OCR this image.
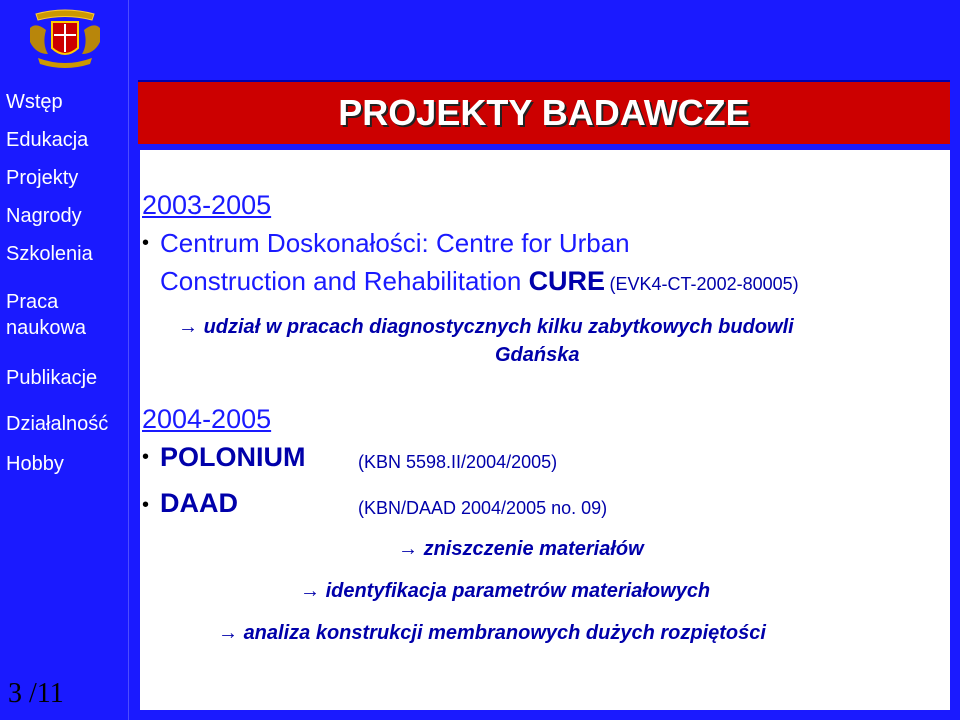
Wstęp
Edukacja
Projekty
Nagrody
Szkolenia
Praca
naukowa
Publikacje
Działalność
Hobby
3 /11
PROJEKTY BADAWCZE
2003-2005
• Centrum Doskonałości: Centre for Urban
Construction and Rehabilitation CURE (EVK4-CT-2002-80005)
→ udział w pracach diagnostycznych kilku zabytkowych budowli
Gdańska
2004-2005
• POLONIUM	(KBN 5598.II/2004/2005)
• DAAD	(KBN/DAAD 2004/2005 no. 09)
→ zniszczenie materiałów
→ identyfikacja parametrów materiałowych
→ analiza konstrukcji membranowych dużych rozpiętości
